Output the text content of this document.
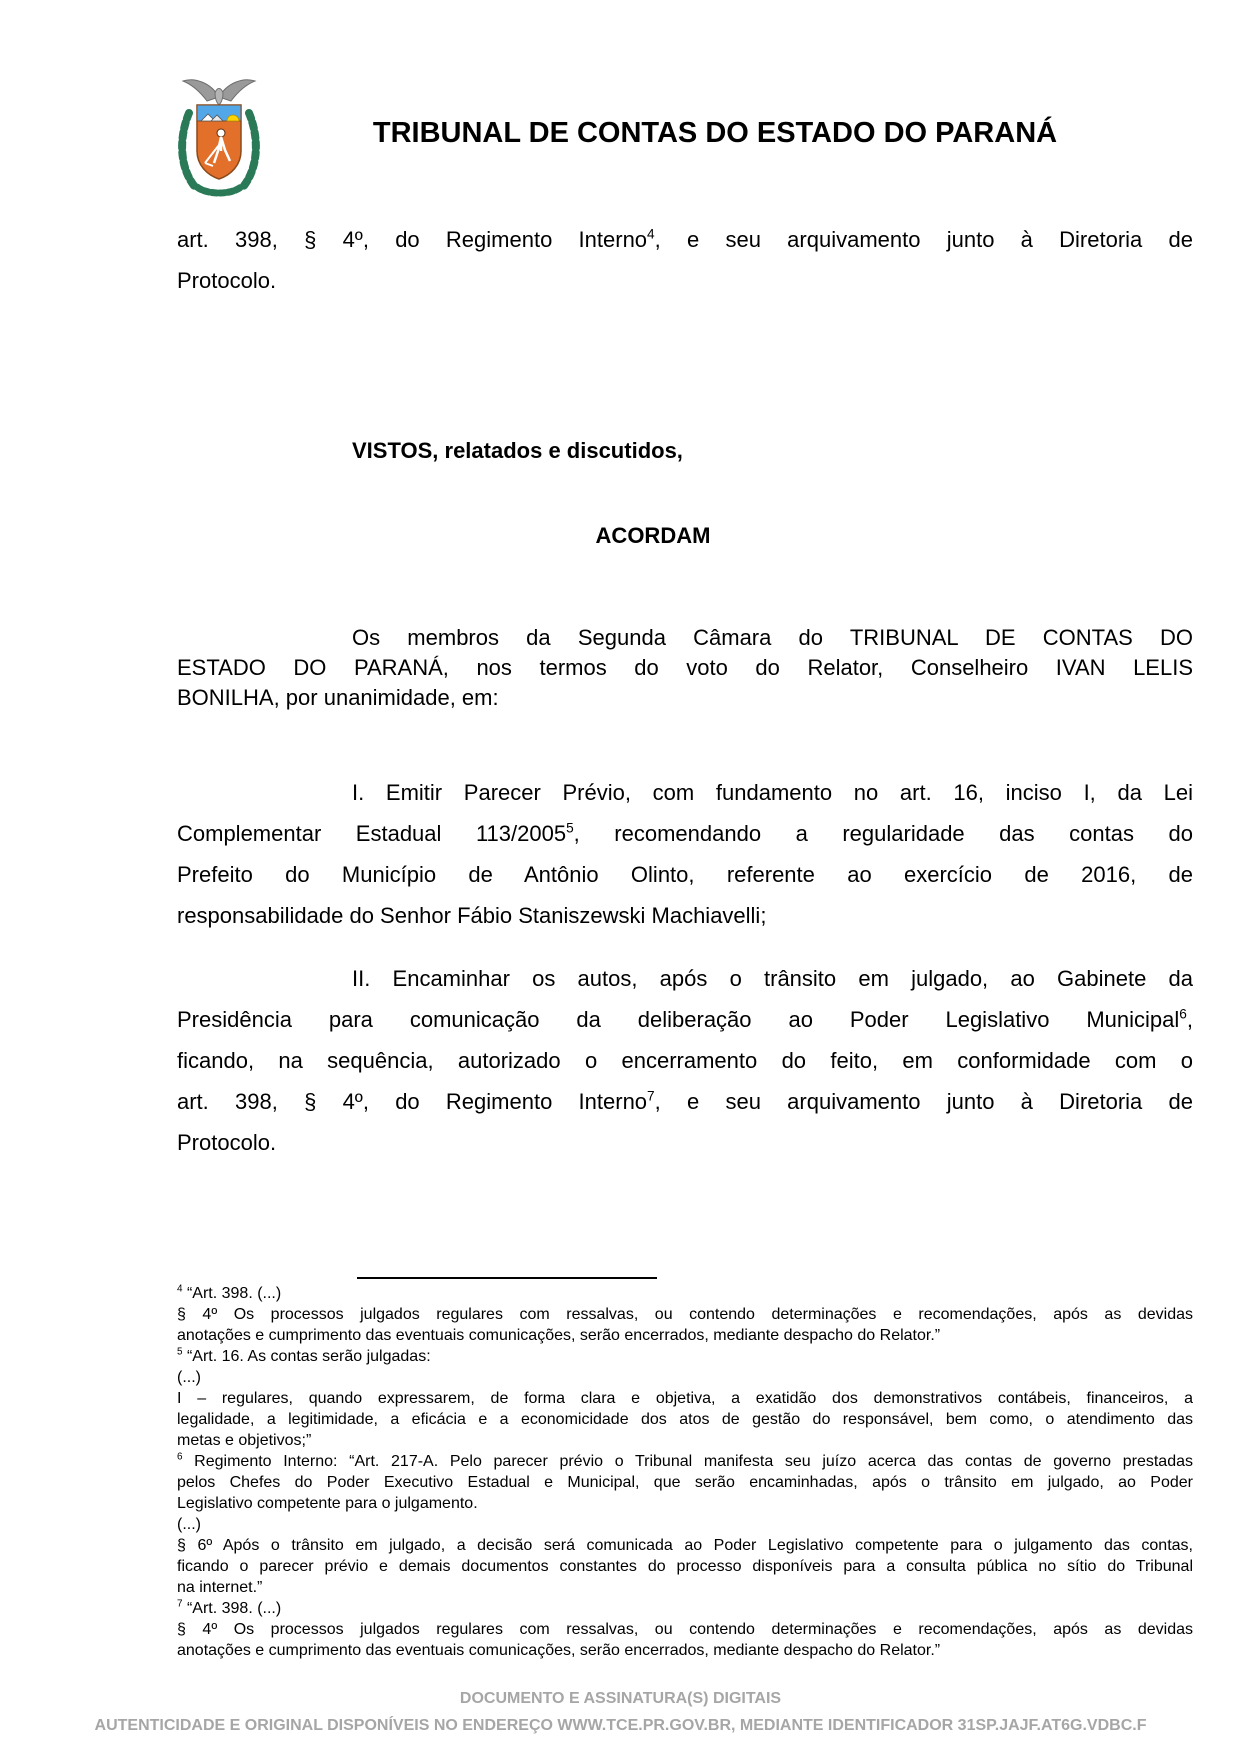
TRIBUNAL DE CONTAS DO ESTADO DO PARANÁ
art. 398, § 4º, do Regimento Interno$^4$, e seu arquivamento junto à Diretoria de
Protocolo.
VISTOS, relatados e discutidos,
ACORDAM
Os membros da Segunda Câmara do TRIBUNAL DE CONTAS DO
ESTADO DO PARANÁ, nos termos do voto do Relator, Conselheiro IVAN LELIS
BONILHA, por unanimidade, em:
I. Emitir Parecer Prévio, com fundamento no art. 16, inciso I, da Lei
Complementar Estadual 113/2005$^5$, recomendando a regularidade das contas do
Prefeito do Município de Antônio Olinto, referente ao exercício de 2016, de
responsabilidade do Senhor Fábio Staniszewski Machiavelli;
II. Encaminhar os autos, após o trânsito em julgado, ao Gabinete da
Presidência para comunicação da deliberação ao Poder Legislativo Municipal$^6$,
ficando, na sequência, autorizado o encerramento do feito, em conformidade com o
art. 398, § 4º, do Regimento Interno$^7$, e seu arquivamento junto à Diretoria de
Protocolo.
$^4$ “Art. 398. (...)
§ 4º Os processos julgados regulares com ressalvas, ou contendo determinações e recomendações, após as devidas
anotações e cumprimento das eventuais comunicações, serão encerrados, mediante despacho do Relator.”
$^5$ “Art. 16. As contas serão julgadas:
(...)
I – regulares, quando expressarem, de forma clara e objetiva, a exatidão dos demonstrativos contábeis, financeiros, a
legalidade, a legitimidade, a eficácia e a economicidade dos atos de gestão do responsável, bem como, o atendimento das
metas e objetivos;”
$^6$ Regimento Interno: “Art. 217-A. Pelo parecer prévio o Tribunal manifesta seu juízo acerca das contas de governo prestadas
pelos Chefes do Poder Executivo Estadual e Municipal, que serão encaminhadas, após o trânsito em julgado, ao Poder
Legislativo competente para o julgamento.
(...)
§ 6º Após o trânsito em julgado, a decisão será comunicada ao Poder Legislativo competente para o julgamento das contas,
ficando o parecer prévio e demais documentos constantes do processo disponíveis para a consulta pública no sítio do Tribunal
na internet.”
$^7$ “Art. 398. (...)
§ 4º Os processos julgados regulares com ressalvas, ou contendo determinações e recomendações, após as devidas
anotações e cumprimento das eventuais comunicações, serão encerrados, mediante despacho do Relator.”
DOCUMENTO E ASSINATURA(S) DIGITAIS
AUTENTICIDADE E ORIGINAL DISPONÍVEIS NO ENDEREÇO WWW.TCE.PR.GOV.BR, MEDIANTE IDENTIFICADOR 31SP.JAJF.AT6G.VDBC.F
